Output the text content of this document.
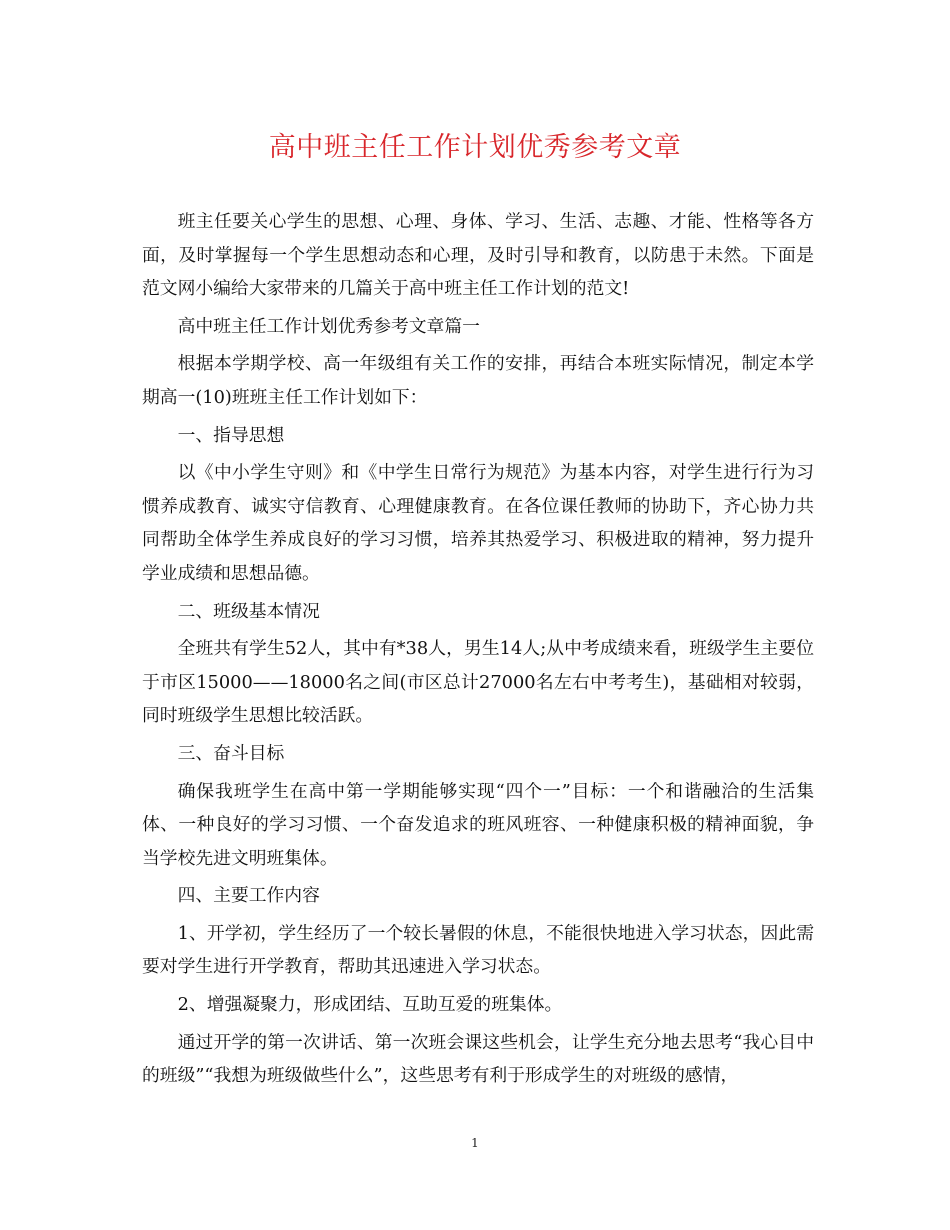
高中班主任工作计划优秀参考文章

班主任要关心学生的思想、心理、身体、学习、生活、志趣、才能、性格等各方面，及时掌握每一个学生思想动态和心理，及时引导和教育，以防患于未然。下面是范文网小编给大家带来的几篇关于高中班主任工作计划的范文!

高中班主任工作计划优秀参考文章篇一

根据本学期学校、高一年级组有关工作的安排，再结合本班实际情况，制定本学期高一(10)班班主任工作计划如下：

一、指导思想

以《中小学生守则》和《中学生日常行为规范》为基本内容，对学生进行行为习惯养成教育、诚实守信教育、心理健康教育。在各位课任教师的协助下，齐心协力共同帮助全体学生养成良好的学习习惯，培养其热爱学习、积极进取的精神，努力提升学业成绩和思想品德。

二、班级基本情况

全班共有学生52人，其中有*38人，男生14人;从中考成绩来看，班级学生主要位于市区15000——18000名之间(市区总计27000名左右中考考生)，基础相对较弱，同时班级学生思想比较活跃。

三、奋斗目标

确保我班学生在高中第一学期能够实现“四个一”目标：一个和谐融洽的生活集体、一种良好的学习习惯、一个奋发追求的班风班容、一种健康积极的精神面貌，争当学校先进文明班集体。

四、主要工作内容

1、开学初，学生经历了一个较长暑假的休息，不能很快地进入学习状态，因此需要对学生进行开学教育，帮助其迅速进入学习状态。

2、增强凝聚力，形成团结、互助互爱的班集体。

通过开学的第一次讲话、第一次班会课这些机会，让学生充分地去思考“我心目中的班级”“我想为班级做些什么”，这些思考有利于形成学生的对班级的感情，

1
